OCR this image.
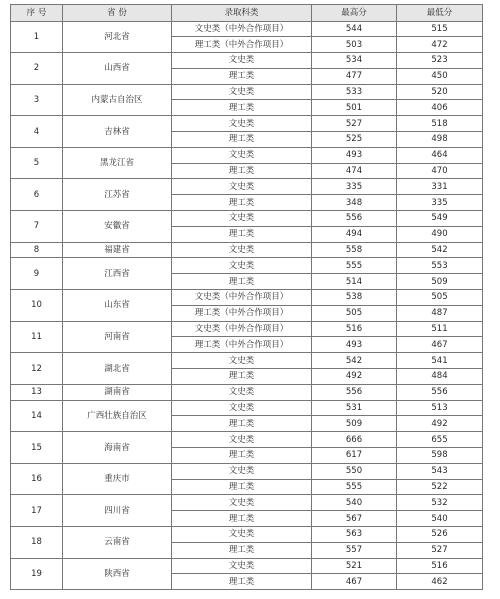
序 号	省 份	录取科类	最高分	最低分
1	河北省	文史类（中外合作项目）	544	515
		理工类（中外合作项目）	503	472
2	山西省	文史类	534	523
		理工类	477	450
3	内蒙古自治区	文史类	533	520
		理工类	501	406
4	吉林省	文史类	527	518
		理工类	525	498
5	黑龙江省	文史类	493	464
		理工类	474	470
6	江苏省	文史类	335	331
		理工类	348	335
7	安徽省	文史类	556	549
		理工类	494	490
8	福建省	文史类	558	542
9	江西省	文史类	555	553
		理工类	514	509
10	山东省	文史类（中外合作项目）	538	505
		理工类（中外合作项目）	505	487
11	河南省	文史类（中外合作项目）	516	511
		理工类（中外合作项目）	493	467
12	湖北省	文史类	542	541
		理工类	492	484
13	湖南省	文史类	556	556
14	广西壮族自治区	文史类	531	513
		理工类	509	492
15	海南省	文史类	666	655
		理工类	617	598
16	重庆市	文史类	550	543
		理工类	555	522
17	四川省	文史类	540	532
		理工类	567	540
18	云南省	文史类	563	526
		理工类	557	527
19	陕西省	文史类	521	516
		理工类	467	462
